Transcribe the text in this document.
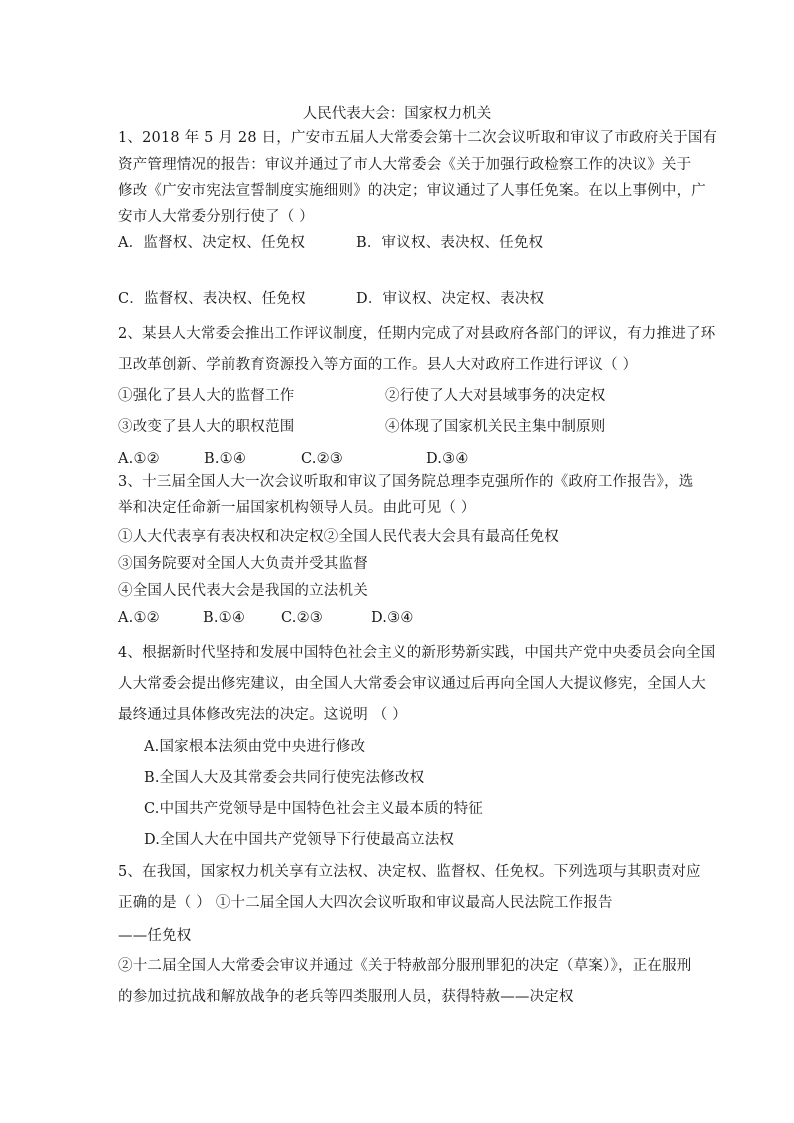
人民代表大会：国家权力机关
1、2018 年 5 月 28 日，广安市五届人大常委会第十二次会议听取和审议了市政府关于国有
资产管理情况的报告：审议并通过了市人大常委会《关于加强行政检察工作的决议》关于
修改《广安市宪法宣誓制度实施细则》的决定；审议通过了人事任免案。在以上事例中，广
安市人大常委分别行使了（ ）
A．监督权、决定权、任免权	B．审议权、表决权、任免权
C．监督权、表决权、任免权	D．审议权、决定权、表决权
2、某县人大常委会推出工作评议制度，任期内完成了对县政府各部门的评议，有力推进了环
卫改革创新、学前教育资源投入等方面的工作。县人大对政府工作进行评议（ ）
①强化了县人大的监督工作	②行使了人大对县域事务的决定权
③改变了县人大的职权范围	④体现了国家机关民主集中制原则
A.①②	B.①④	C.②③	D.③④
3、十三届全国人大一次会议听取和审议了国务院总理李克强所作的《政府工作报告》，选
举和决定任命新一届国家机构领导人员。由此可见（ ）
①人大代表享有表决权和决定权②全国人民代表大会具有最高任免权
③国务院要对全国人大负责并受其监督
④全国人民代表大会是我国的立法机关
A.①②	B.①④ C.②③	D.③④
4、根据新时代坚持和发展中国特色社会主义的新形势新实践，中国共产党中央委员会向全国
人大常委会提出修宪建议，由全国人大常委会审议通过后再向全国人大提议修宪，全国人大
最终通过具体修改宪法的决定。这说明 （ ）
A.国家根本法须由党中央进行修改
B.全国人大及其常委会共同行使宪法修改权
C.中国共产党领导是中国特色社会主义最本质的特征
D.全国人大在中国共产党领导下行使最高立法权
5、在我国，国家权力机关享有立法权、决定权、监督权、任免权。下列选项与其职责对应
正确的是（ ） ①十二届全国人大四次会议听取和审议最高人民法院工作报告
——任免权
②十二届全国人大常委会审议并通过《关于特赦部分服刑罪犯的决定（草案）》，正在服刑
的参加过抗战和解放战争的老兵等四类服刑人员，获得特赦——决定权
